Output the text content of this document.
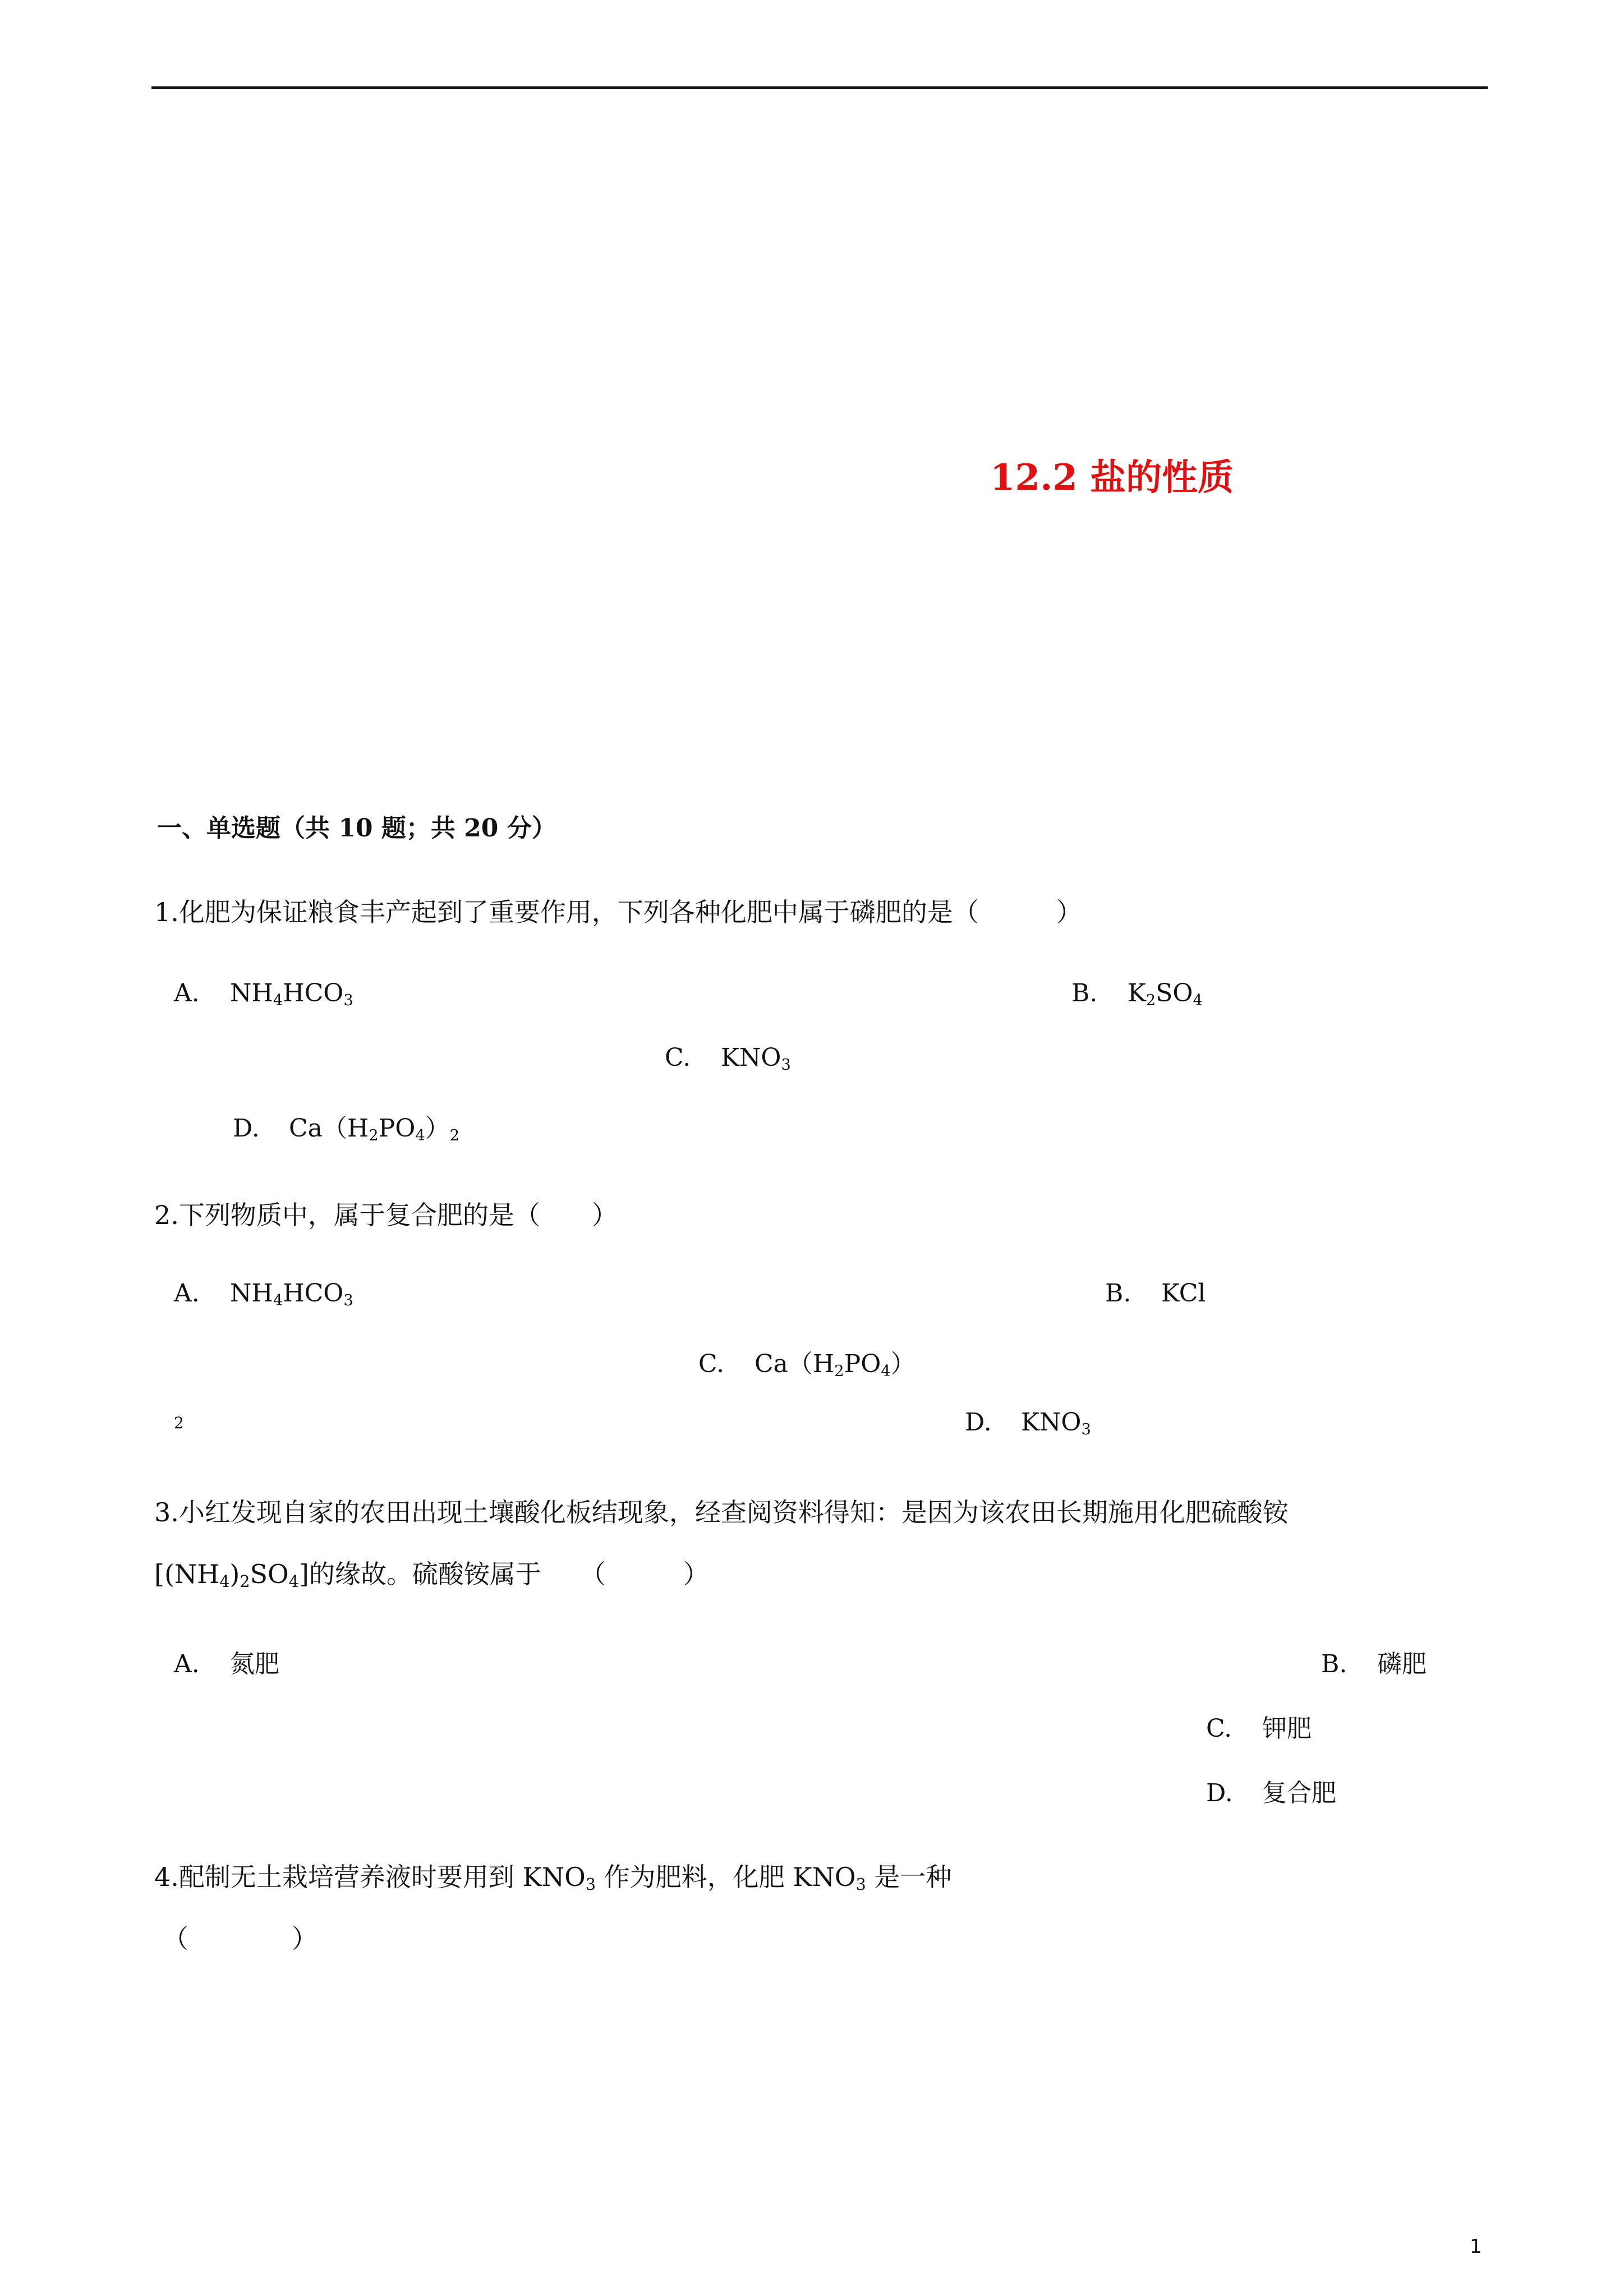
12.2 盐的性质
一、单选题（共 10 题；共 20 分）
1.化肥为保证粮食丰产起到了重要作用，下列各种化肥中属于磷肥的是（　　　）
A. $NH_4HCO_3$	B. $K_2SO_4$
C. $KNO_3$
D. $Ca(H_2PO_4)_2$
2.下列物质中，属于复合肥的是（　　）
A. $NH_4HCO_3$	B. KCl
C. $Ca(H_2PO_4)$
2	D. $KNO_3$
3.小红发现自家的农田出现土壤酸化板结现象，经查阅资料得知：是因为该农田长期施用化肥硫酸铵
$[(NH_4)_2SO_4]$的缘故。硫酸铵属于　　（　　　）
A. 氮肥	B. 磷肥
C. 钾肥
D. 复合肥
4.配制无土栽培营养液时要用到 $KNO_3$ 作为肥料，化肥 $KNO_3$ 是一种
（　　　　）
1
